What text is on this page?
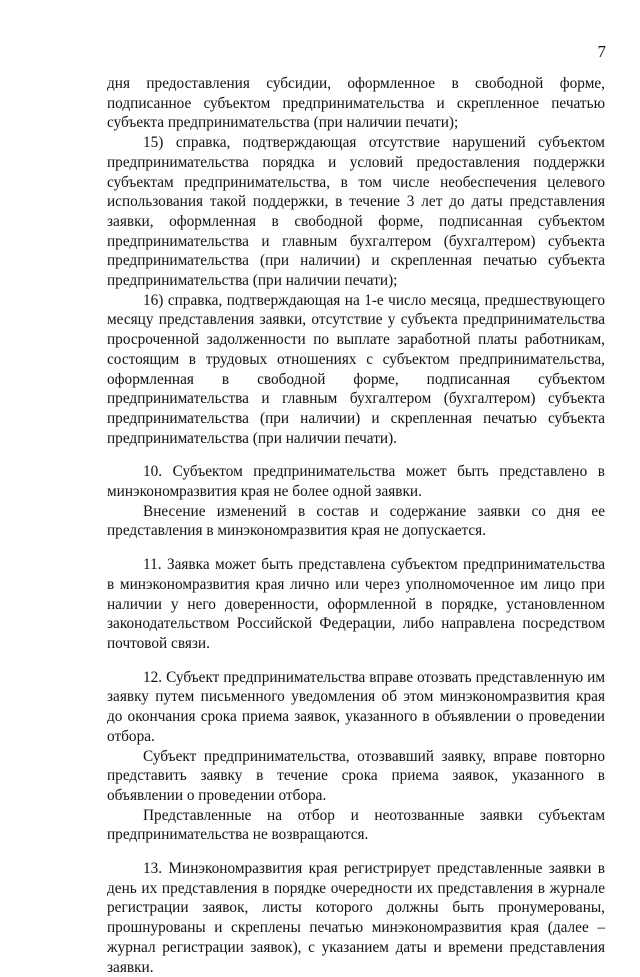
7

дня предоставления субсидии, оформленное в свободной форме, подписанное субъектом предпринимательства и скрепленное печатью субъекта предпринимательства (при наличии печати);

15) справка, подтверждающая отсутствие нарушений субъектом предпринимательства порядка и условий предоставления поддержки субъектам предпринимательства, в том числе необеспечения целевого использования такой поддержки, в течение 3 лет до даты представления заявки, оформленная в свободной форме, подписанная субъектом предпринимательства и главным бухгалтером (бухгалтером) субъекта предпринимательства (при наличии) и скрепленная печатью субъекта предпринимательства (при наличии печати);

16) справка, подтверждающая на 1-е число месяца, предшествующего месяцу представления заявки, отсутствие у субъекта предпринимательства просроченной задолженности по выплате заработной платы работникам, состоящим в трудовых отношениях с субъектом предпринимательства, оформленная в свободной форме, подписанная субъектом предпринимательства и главным бухгалтером (бухгалтером) субъекта предпринимательства (при наличии) и скрепленная печатью субъекта предпринимательства (при наличии печати).

10. Субъектом предпринимательства может быть представлено в минэкономразвития края не более одной заявки.

Внесение изменений в состав и содержание заявки со дня ее представления в минэкономразвития края не допускается.

11. Заявка может быть представлена субъектом предпринимательства в минэкономразвития края лично или через уполномоченное им лицо при наличии у него доверенности, оформленной в порядке, установленном законодательством Российской Федерации, либо направлена посредством почтовой связи.

12. Субъект предпринимательства вправе отозвать представленную им заявку путем письменного уведомления об этом минэкономразвития края до окончания срока приема заявок, указанного в объявлении о проведении отбора.

Субъект предпринимательства, отозвавший заявку, вправе повторно представить заявку в течение срока приема заявок, указанного в объявлении о проведении отбора.

Представленные на отбор и неотозванные заявки субъектам предпринимательства не возвращаются.

13. Минэкономразвития края регистрирует представленные заявки в день их представления в порядке очередности их представления в журнале регистрации заявок, листы которого должны быть пронумерованы, прошнурованы и скреплены печатью минэкономразвития края (далее – журнал регистрации заявок), с указанием даты и времени представления заявки.
